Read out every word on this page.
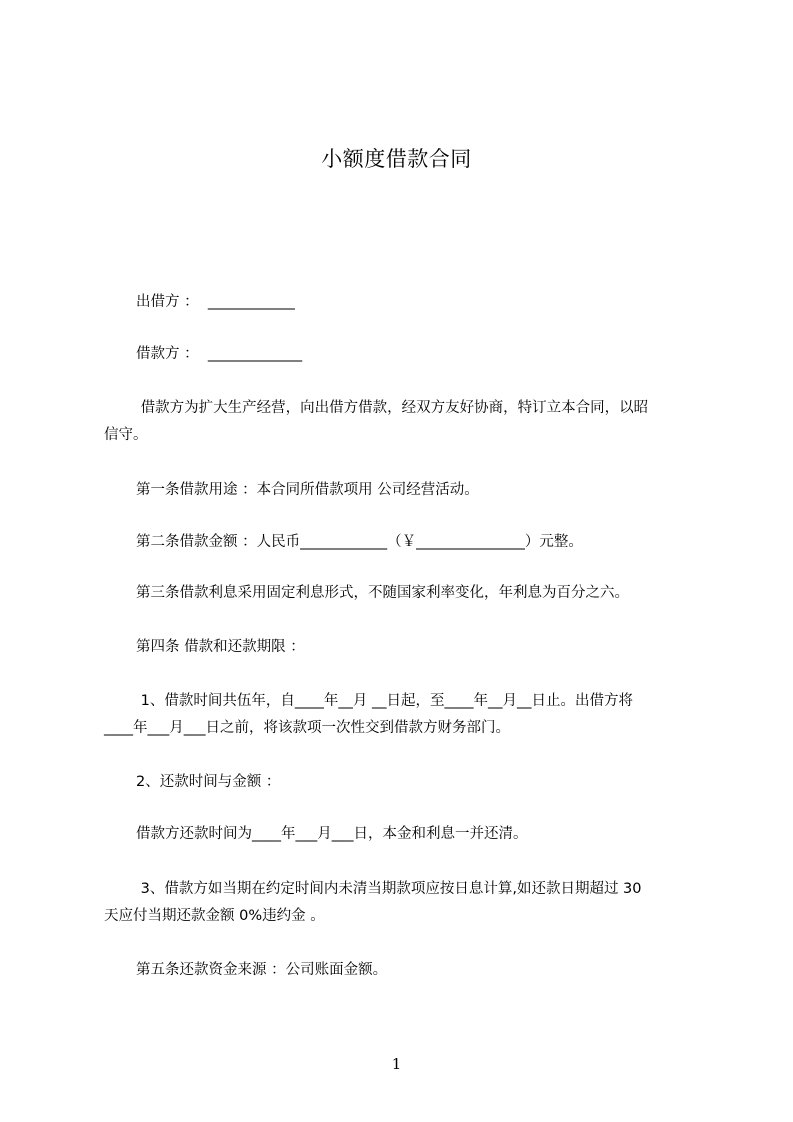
小额度借款合同
出借方 ：  ____________
借款方 ：  _____________
借款方为扩大生产经营，向出借方借款，经双方友好协商，特订立本合同，以昭
信守。
第一条借款用途 ：本合同所借款项用 公司经营活动。
第二条借款金额 ：人民币____________（￥_______________）元整。
第三条借款利息采用固定利息形式，不随国家利率变化，年利息为百分之六。
第四条 借款和还款期限 ：
1、借款时间共伍年，自____年__月 __日起，至____年__月__日止。出借方将
____年___月___日之前，将该款项一次性交到借款方财务部门。
2、还款时间与金额 ：
借款方还款时间为____年___月___日，本金和利息一并还清。
3、借款方如当期在约定时间内未清当期款项应按日息计算,如还款日期超过 30
天应付当期还款金额 0%违约金 。
第五条还款资金来源 ：公司账面金额。
1
